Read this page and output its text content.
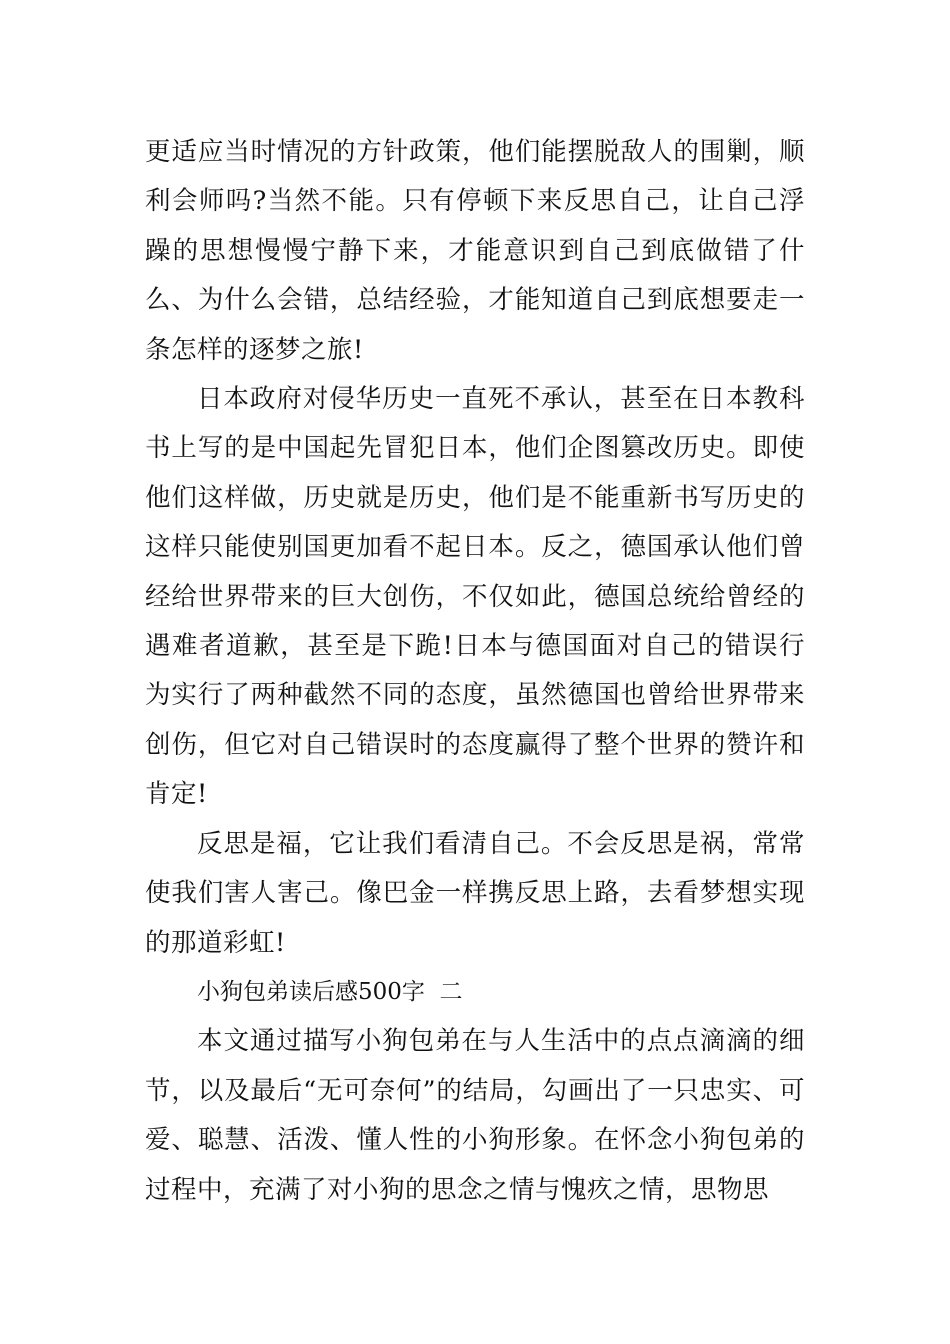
更适应当时情况的方针政策，他们能摆脱敌人的围剿，顺利会师吗?当然不能。只有停顿下来反思自己，让自己浮躁的思想慢慢宁静下来，才能意识到自己到底做错了什么、为什么会错，总结经验，才能知道自己到底想要走一条怎样的逐梦之旅!

日本政府对侵华历史一直死不承认，甚至在日本教科书上写的是中国起先冒犯日本，他们企图篡改历史。即使他们这样做，历史就是历史，他们是不能重新书写历史的这样只能使别国更加看不起日本。反之，德国承认他们曾经给世界带来的巨大创伤，不仅如此，德国总统给曾经的遇难者道歉，甚至是下跪!日本与德国面对自己的错误行为实行了两种截然不同的态度，虽然德国也曾给世界带来创伤，但它对自己错误时的态度赢得了整个世界的赞许和肯定!

反思是福，它让我们看清自己。不会反思是祸，常常使我们害人害己。像巴金一样携反思上路，去看梦想实现的那道彩虹!

小狗包弟读后感500字  二

本文通过描写小狗包弟在与人生活中的点点滴滴的细节，以及最后“无可奈何”的结局，勾画出了一只忠实、可爱、聪慧、活泼、懂人性的小狗形象。在怀念小狗包弟的过程中，充满了对小狗的思念之情与愧疚之情，思物思
